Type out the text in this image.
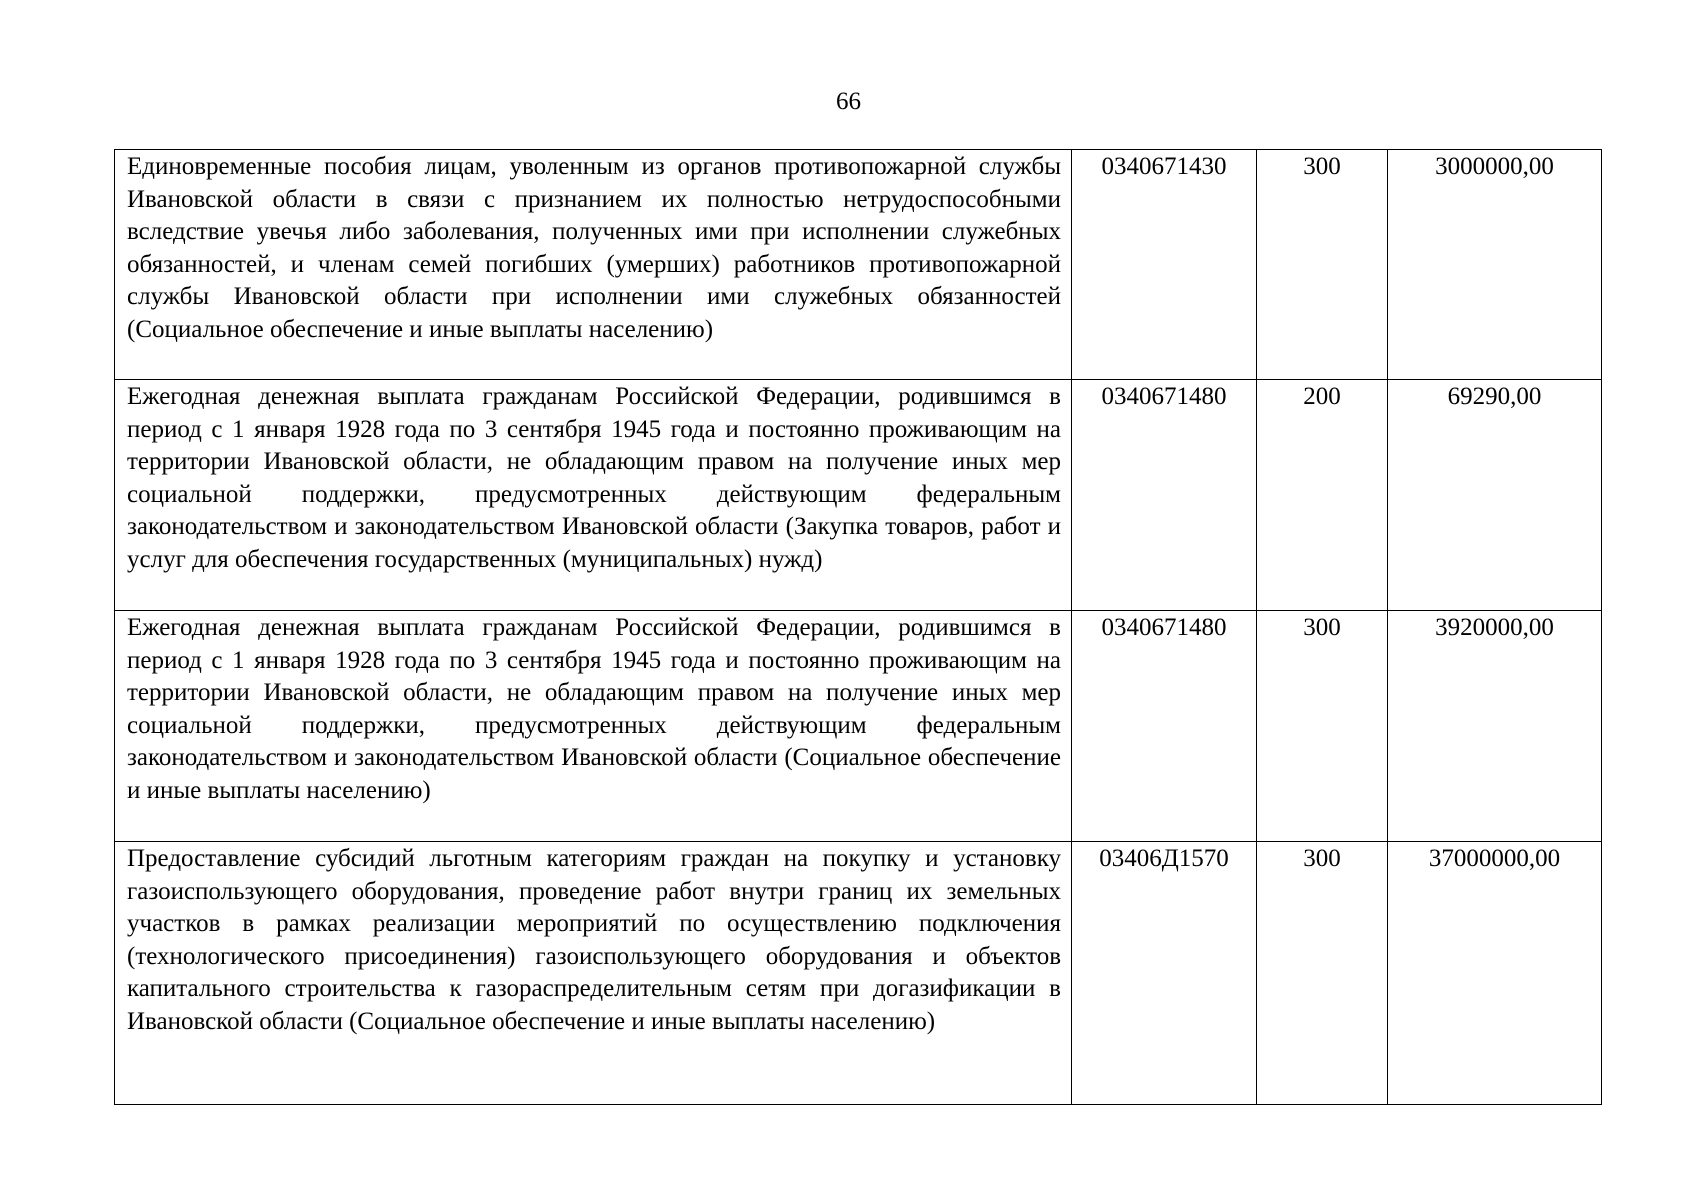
66
Единовременные пособия лицам, уволенным из органов противопожарной службы Ивановской области в связи с признанием их полностью нетрудоспособными вследствие увечья либо заболевания, полученных ими при исполнении служебных обязанностей, и членам семей погибших (умерших) работников противопожарной службы Ивановской области при исполнении ими служебных обязанностей (Социальное обеспечение и иные выплаты населению)	0340671430	300	3000000,00
Ежегодная денежная выплата гражданам Российской Федерации, родившимся в период с 1 января 1928 года по 3 сентября 1945 года и постоянно проживающим на территории Ивановской области, не обладающим правом на получение иных мер социальной поддержки, предусмотренных действующим федеральным законодательством и законодательством Ивановской области (Закупка товаров, работ и услуг для обеспечения государственных (муниципальных) нужд)	0340671480	200	69290,00
Ежегодная денежная выплата гражданам Российской Федерации, родившимся в период с 1 января 1928 года по 3 сентября 1945 года и постоянно проживающим на территории Ивановской области, не обладающим правом на получение иных мер социальной поддержки, предусмотренных действующим федеральным законодательством и законодательством Ивановской области (Социальное обеспечение и иные выплаты населению)	0340671480	300	3920000,00
Предоставление субсидий льготным категориям граждан на покупку и установку газоиспользующего оборудования, проведение работ внутри границ их земельных участков в рамках реализации мероприятий по осуществлению подключения (технологического присоединения) газоиспользующего оборудования и объектов капитального строительства к газораспределительным сетям при догазификации в Ивановской области (Социальное обеспечение и иные выплаты населению)	03406Д1570	300	37000000,00
